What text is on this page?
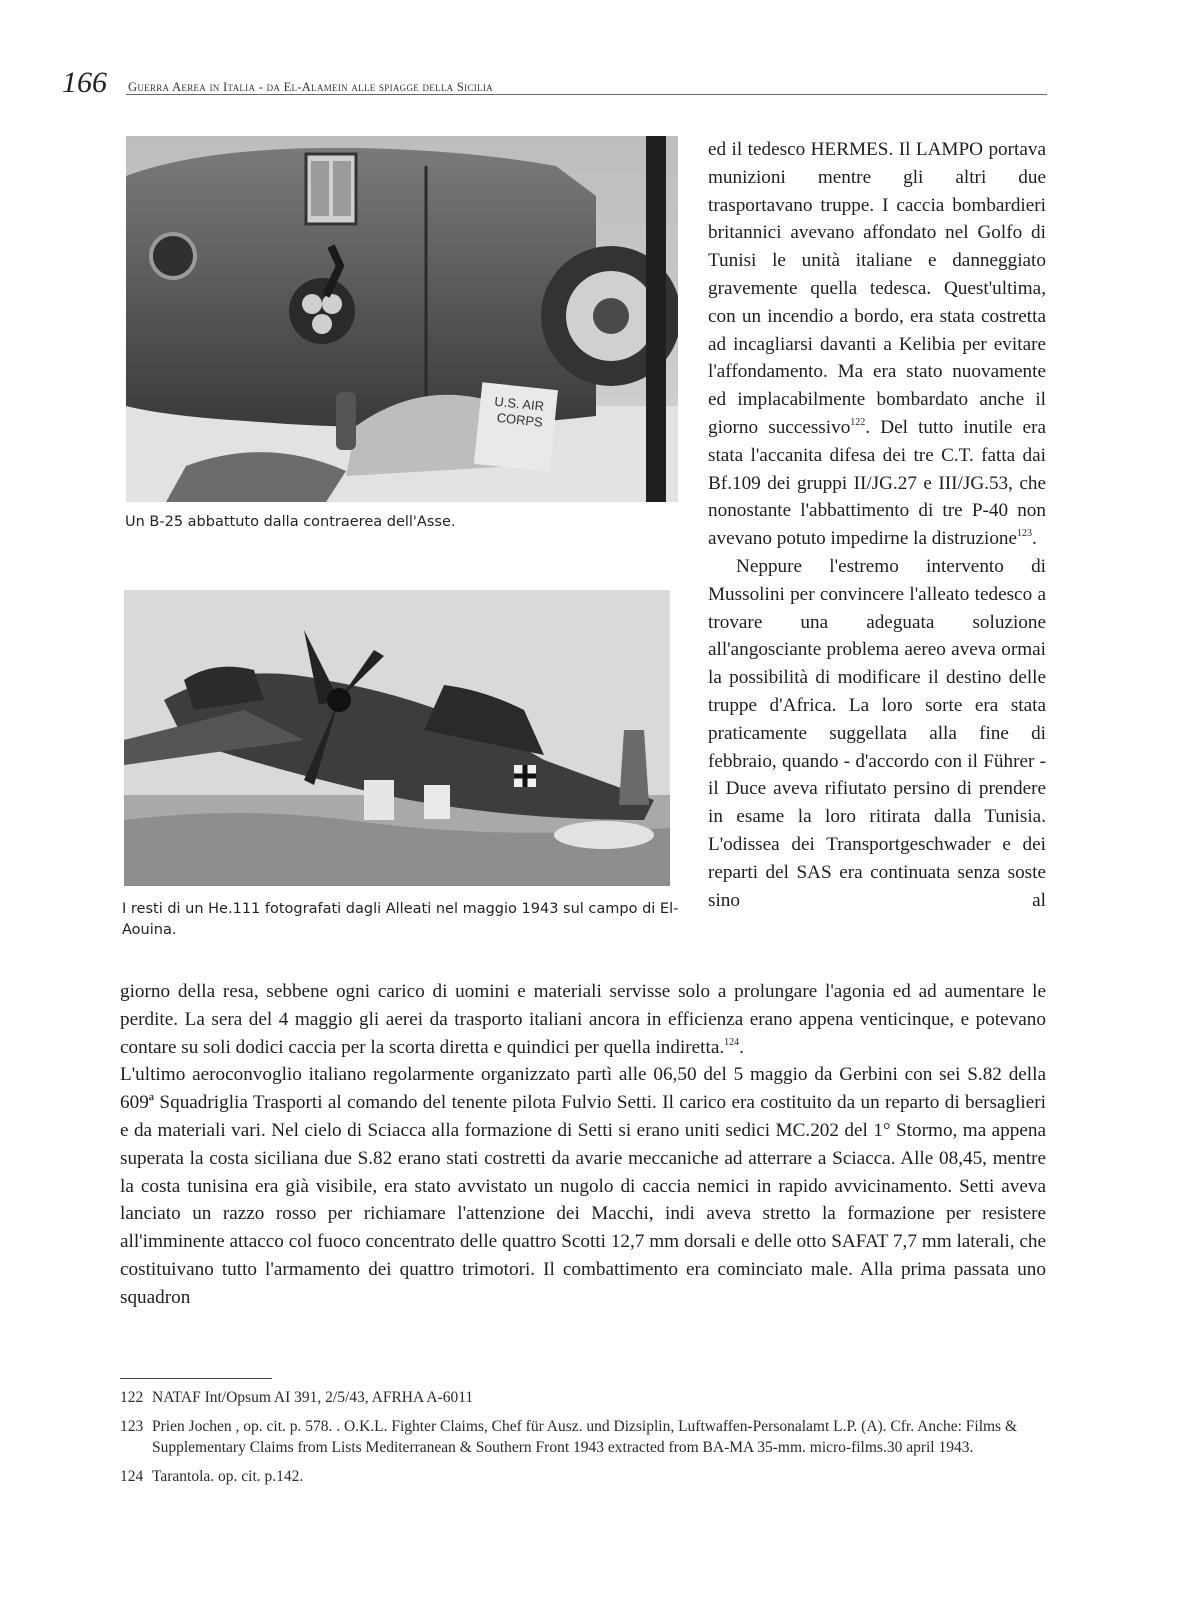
166 Guerra Aerea in Italia - da El-Alamein alle spiagge della Sicilia
U.S. AIR
CORPS
Un B-25 abbattuto dalla contraerea dell'Asse.
I resti di un He.111 fotografati dagli Alleati nel maggio 1943 sul campo di El-Aouina.

ed il tedesco HERMES. Il LAMPO portava munizioni mentre gli altri due trasportavano truppe. I caccia bombardieri britannici avevano affondato nel Golfo di Tunisi le unità italiane e danneggiato gravemente quella tedesca. Quest'ultima, con un incendio a bordo, era stata costretta ad incagliarsi davanti a Kelibia per evitare l'affondamento. Ma era stato nuovamente ed implacabilmente bombardato anche il giorno successivo$^{122}$. Del tutto inutile era stata l'accanita difesa dei tre C.T. fatta dai Bf.109 dei gruppi II/JG.27 e III/JG.53, che nonostante l'abbattimento di tre P-40 non avevano potuto impedirne la distruzione$^{123}$.

Neppure l'estremo intervento di Mussolini per convincere l'alleato tedesco a trovare una adeguata soluzione all'angosciante problema aereo aveva ormai la possibilità di modificare il destino delle truppe d'Africa. La loro sorte era stata praticamente suggellata alla fine di febbraio, quando - d'accordo con il Führer - il Duce aveva rifiutato persino di prendere in esame la loro ritirata dalla Tunisia. L'odissea dei Transportgeschwader e dei reparti del SAS era continuata senza soste sino al

giorno della resa, sebbene ogni carico di uomini e materiali servisse solo a prolungare l'agonia ed ad aumentare le perdite. La sera del 4 maggio gli aerei da trasporto italiani ancora in efficienza erano appena venticinque, e potevano contare su soli dodici caccia per la scorta diretta e quindici per quella indiretta.$^{124}$.

L'ultimo aeroconvoglio italiano regolarmente organizzato partì alle 06,50 del 5 maggio da Gerbini con sei S.82 della 609ª Squadriglia Trasporti al comando del tenente pilota Fulvio Setti. Il carico era costituito da un reparto di bersaglieri e da materiali vari. Nel cielo di Sciacca alla formazione di Setti si erano uniti sedici MC.202 del 1° Stormo, ma appena superata la costa siciliana due S.82 erano stati costretti da avarie meccaniche ad atterrare a Sciacca. Alle 08,45, mentre la costa tunisina era già visibile, era stato avvistato un nugolo di caccia nemici in rapido avvicinamento. Setti aveva lanciato un razzo rosso per richiamare l'attenzione dei Macchi, indi aveva stretto la formazione per resistere all'imminente attacco col fuoco concentrato delle quattro Scotti 12,7 mm dorsali e delle otto SAFAT 7,7 mm laterali, che costituivano tutto l'armamento dei quattro trimotori. Il combattimento era cominciato male. Alla prima passata uno squadron

122 NATAF Int/Opsum AI 391, 2/5/43, AFRHA A-6011
123 Prien Jochen , op. cit. p. 578. . O.K.L. Fighter Claims, Chef für Ausz. und Dizsiplin, Luftwaffen-Personalamt L.P. (A). Cfr. Anche: Films & Supplementary Claims from Lists Mediterranean & Southern Front 1943 extracted from BA-MA 35-mm. micro-films.30 april 1943.
124 Tarantola. op. cit. p.142.
